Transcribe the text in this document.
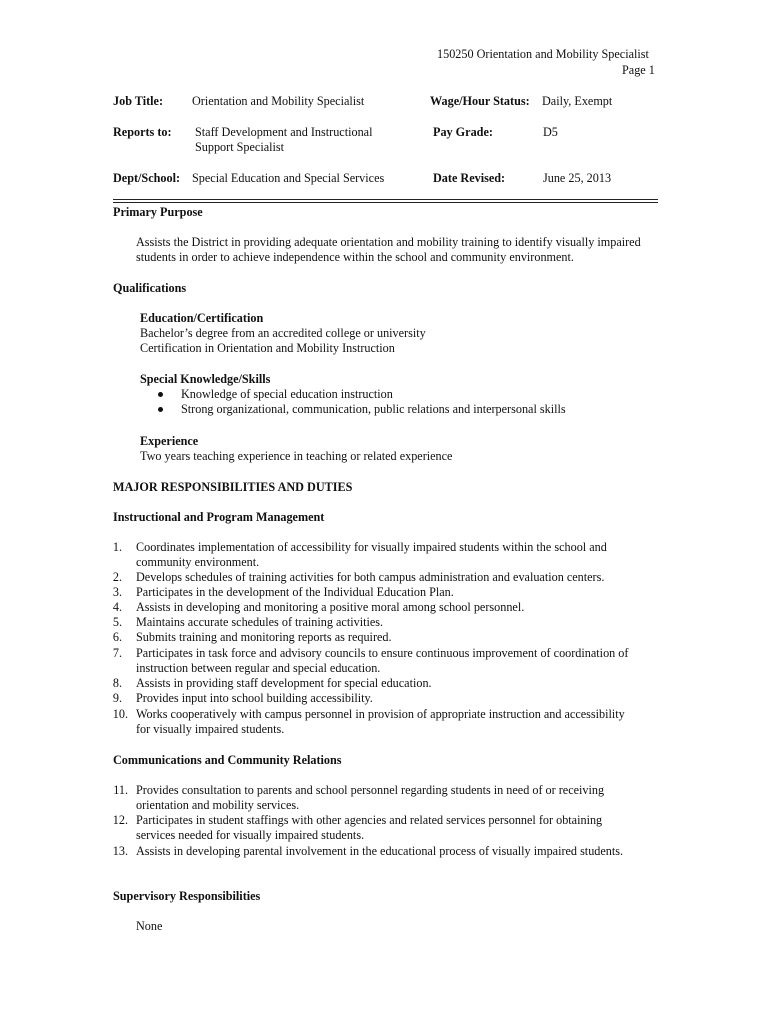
150250 Orientation and Mobility Specialist
Page 1
Job Title: Orientation and Mobility Specialist	Wage/Hour Status: Daily, Exempt
Reports to: Staff Development and Instructional
Support Specialist
Pay Grade:	D5
Dept/School: Special Education and Special Services	Date Revised:	June 25, 2013
Primary Purpose
Assists the District in providing adequate orientation and mobility training to identify visually impaired
students in order to achieve independence within the school and community environment.
Qualifications
Education/Certification
Bachelor’s degree from an accredited college or university
Certification in Orientation and Mobility Instruction
Special Knowledge/Skills
Knowledge of special education instruction
Strong organizational, communication, public relations and interpersonal skills
Experience
Two years teaching experience in teaching or related experience
MAJOR RESPONSIBILITIES AND DUTIES
Instructional and Program Management
1. Coordinates implementation of accessibility for visually impaired students within the school and
community environment.
2. Develops schedules of training activities for both campus administration and evaluation centers.
3. Participates in the development of the Individual Education Plan.
4. Assists in developing and monitoring a positive moral among school personnel.
5. Maintains accurate schedules of training activities.
6. Submits training and monitoring reports as required.
7. Participates in task force and advisory councils to ensure continuous improvement of coordination of
instruction between regular and special education.
8. Assists in providing staff development for special education.
9. Provides input into school building accessibility.
10. Works cooperatively with campus personnel in provision of appropriate instruction and accessibility
for visually impaired students.
Communications and Community Relations
11. Provides consultation to parents and school personnel regarding students in need of or receiving
orientation and mobility services.
12. Participates in student staffings with other agencies and related services personnel for obtaining
services needed for visually impaired students.
13. Assists in developing parental involvement in the educational process of visually impaired students.
Supervisory Responsibilities
None
